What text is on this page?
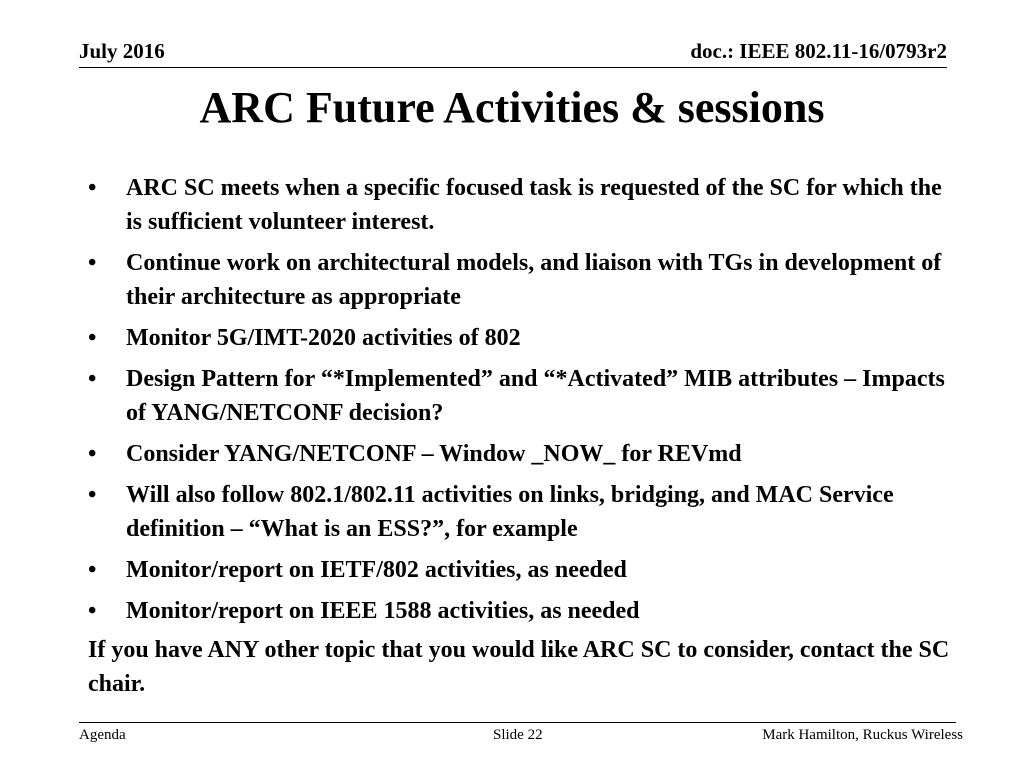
July 2016	doc.: IEEE 802.11-16/0793r2
ARC Future Activities & sessions
•	ARC SC meets when a specific focused task is requested of the SC for which the is sufficient volunteer interest.
•	Continue work on architectural models, and liaison with TGs in development of their architecture as appropriate
•	Monitor 5G/IMT-2020 activities of 802
•	Design Pattern for “*Implemented” and “*Activated” MIB attributes – Impacts of YANG/NETCONF decision?
•	Consider YANG/NETCONF – Window _NOW_ for REVmd
•	Will also follow 802.1/802.11 activities on links, bridging, and MAC Service definition – “What is an ESS?”, for example
•	Monitor/report on IETF/802 activities, as needed
•	Monitor/report on IEEE 1588 activities, as needed

If you have ANY other topic that you would like ARC SC to consider, contact the SC chair.

Agenda	Slide 22	Mark Hamilton, Ruckus Wireless
